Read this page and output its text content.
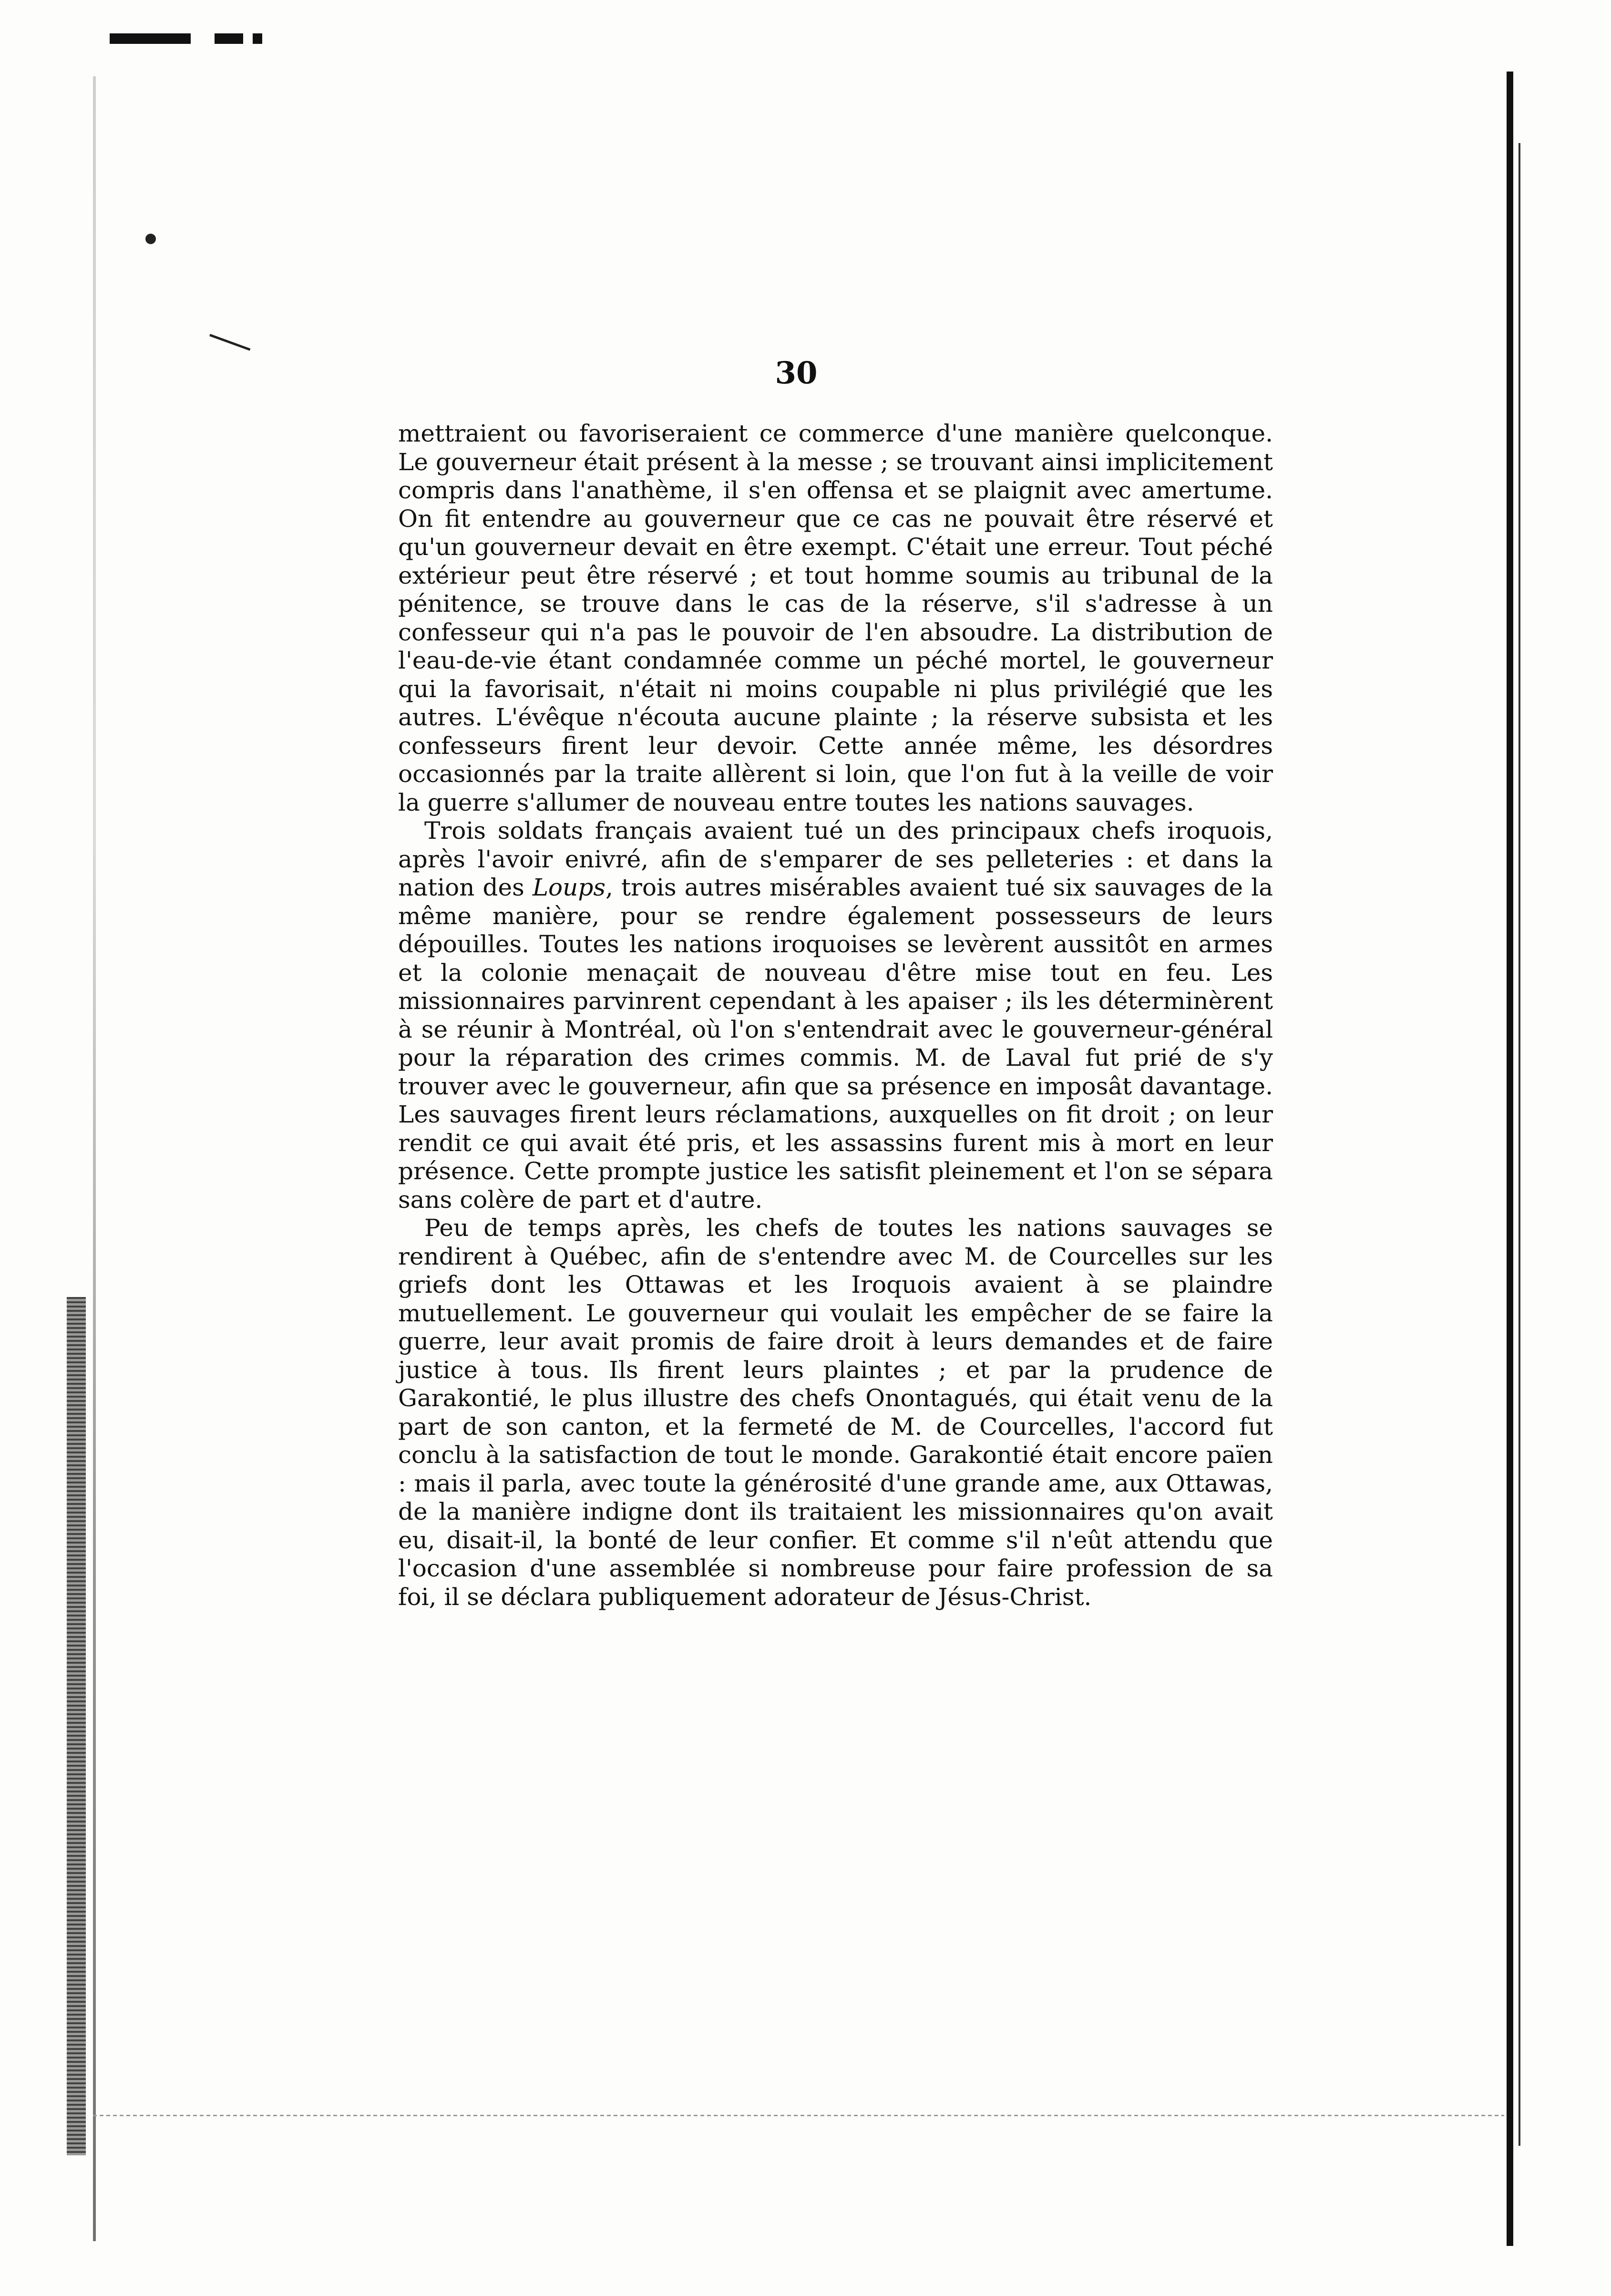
30

mettraient ou favoriseraient ce commerce d'une manière quelconque. Le gouverneur était présent à la messe ; se trouvant ainsi implicitement compris dans l'anathème, il s'en offensa et se plaignit avec amertume. On fit entendre au gouverneur que ce cas ne pouvait être réservé et qu'un gouverneur devait en être exempt. C'était une erreur. Tout péché extérieur peut être réservé ; et tout homme soumis au tribunal de la pénitence, se trouve dans le cas de la réserve, s'il s'adresse à un confesseur qui n'a pas le pouvoir de l'en absoudre. La distribution de l'eau-de-vie étant condamnée comme un péché mortel, le gouverneur qui la favorisait, n'était ni moins coupable ni plus privilégié que les autres. L'évêque n'écouta aucune plainte ; la réserve subsista et les confesseurs firent leur devoir. Cette année même, les désordres occasionnés par la traite allèrent si loin, que l'on fut à la veille de voir la guerre s'allumer de nouveau entre toutes les nations sauvages.

Trois soldats français avaient tué un des principaux chefs iroquois, après l'avoir enivré, afin de s'emparer de ses pelleteries : et dans la nation des Loups, trois autres misérables avaient tué six sauvages de la même manière, pour se rendre également possesseurs de leurs dépouilles. Toutes les nations iroquoises se levèrent aussitôt en armes et la colonie menaçait de nouveau d'être mise tout en feu. Les missionnaires parvinrent cependant à les apaiser ; ils les déterminèrent à se réunir à Montréal, où l'on s'entendrait avec le gouverneur-général pour la réparation des crimes commis. M. de Laval fut prié de s'y trouver avec le gouverneur, afin que sa présence en imposât davantage. Les sauvages firent leurs réclamations, auxquelles on fit droit ; on leur rendit ce qui avait été pris, et les assassins furent mis à mort en leur présence. Cette prompte justice les satisfit pleinement et l'on se sépara sans colère de part et d'autre.

Peu de temps après, les chefs de toutes les nations sauvages se rendirent à Québec, afin de s'entendre avec M. de Courcelles sur les griefs dont les Ottawas et les Iroquois avaient à se plaindre mutuellement. Le gouverneur qui voulait les empêcher de se faire la guerre, leur avait promis de faire droit à leurs demandes et de faire justice à tous. Ils firent leurs plaintes ; et par la prudence de Garakontié, le plus illustre des chefs Onontagués, qui était venu de la part de son canton, et la fermeté de M. de Courcelles, l'accord fut conclu à la satisfaction de tout le monde. Garakontié était encore païen : mais il parla, avec toute la générosité d'une grande ame, aux Ottawas, de la manière indigne dont ils traitaient les missionnaires qu'on avait eu, disait-il, la bonté de leur confier. Et comme s'il n'eût attendu que l'occasion d'une assemblée si nombreuse pour faire profession de sa foi, il se déclara publiquement adorateur de Jésus-Christ.
